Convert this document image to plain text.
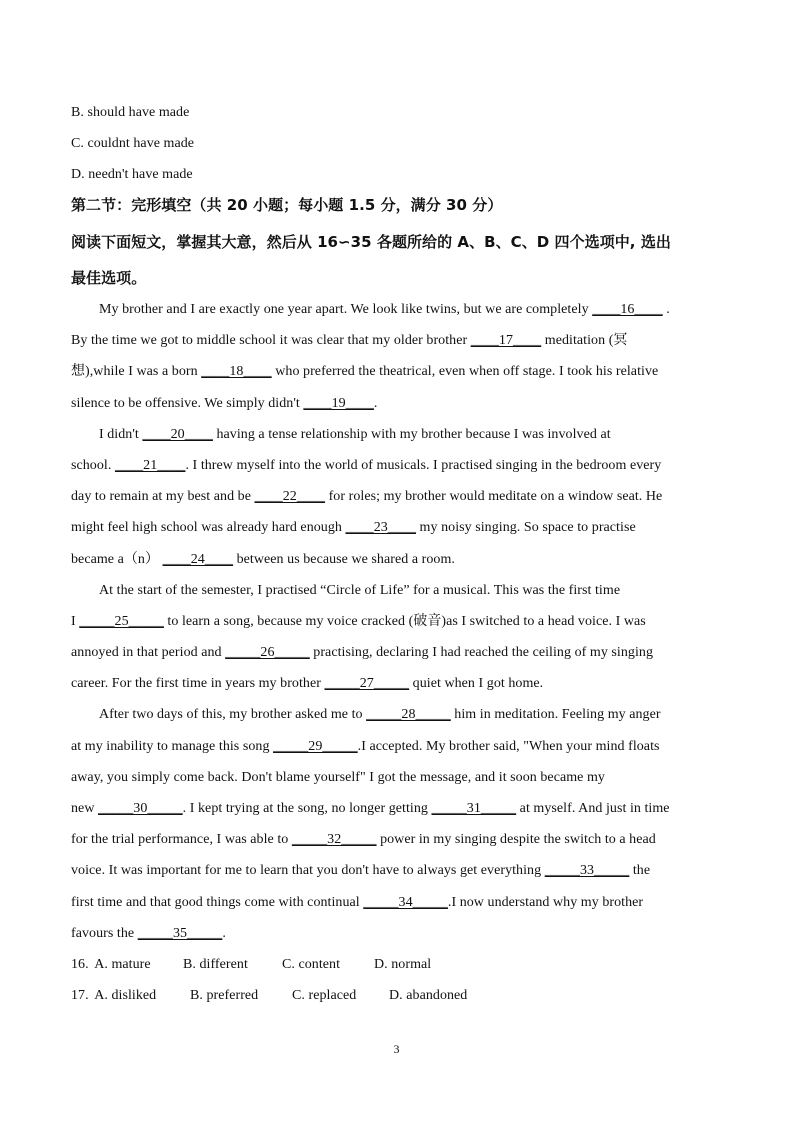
B. should have made
C. couldnt have made
D. needn't have made
第二节：完形填空（共 20 小题；每小题 1.5 分，满分 30 分）
阅读下面短文，掌握其大意，然后从 16∽35 各题所给的 A、B、C、D 四个选项中, 选出
最佳选项。
My brother and I are exactly one year apart. We look like twins, but we are completely ____16____ .
By the time we got to middle school it was clear that my older brother ____17____ meditation (冥
想),while I was a born ____18____ who preferred the theatrical, even when off stage. I took his relative
silence to be offensive. We simply didn't ____19____.
I didn't ____20____ having a tense relationship with my brother because I was involved at
school. ____21____. I threw myself into the world of musicals. I practised singing in the bedroom every
day to remain at my best and be ____22____ for roles; my brother would meditate on a window seat. He
might feel high school was already hard enough ____23____ my noisy singing. So space to practise
became a（n） ____24____ between us because we shared a room.
At the start of the semester, I practised “Circle of Life” for a musical. This was the first time
I _____25_____ to learn a song, because my voice cracked (破音)as I switched to a head voice. I was
annoyed in that period and _____26_____ practising, declaring I had reached the ceiling of my singing
career. For the first time in years my brother _____27_____ quiet when I got home.
After two days of this, my brother asked me to _____28_____ him in meditation. Feeling my anger
at my inability to manage this song _____29_____.I accepted. My brother said, "When your mind floats
away, you simply come back. Don't blame yourself" I got the message, and it soon became my
new _____30_____. I kept trying at the song, no longer getting _____31_____ at myself. And just in time
for the trial performance, I was able to _____32_____ power in my singing despite the switch to a head
voice. It was important for me to learn that you don't have to always get everything _____33_____ the
first time and that good things come with continual _____34_____.I now understand why my brother
favours the _____35_____.
16. A. mature B. different C. content D. normal
17. A. disliked B. preferred C. replaced D. abandoned
3
